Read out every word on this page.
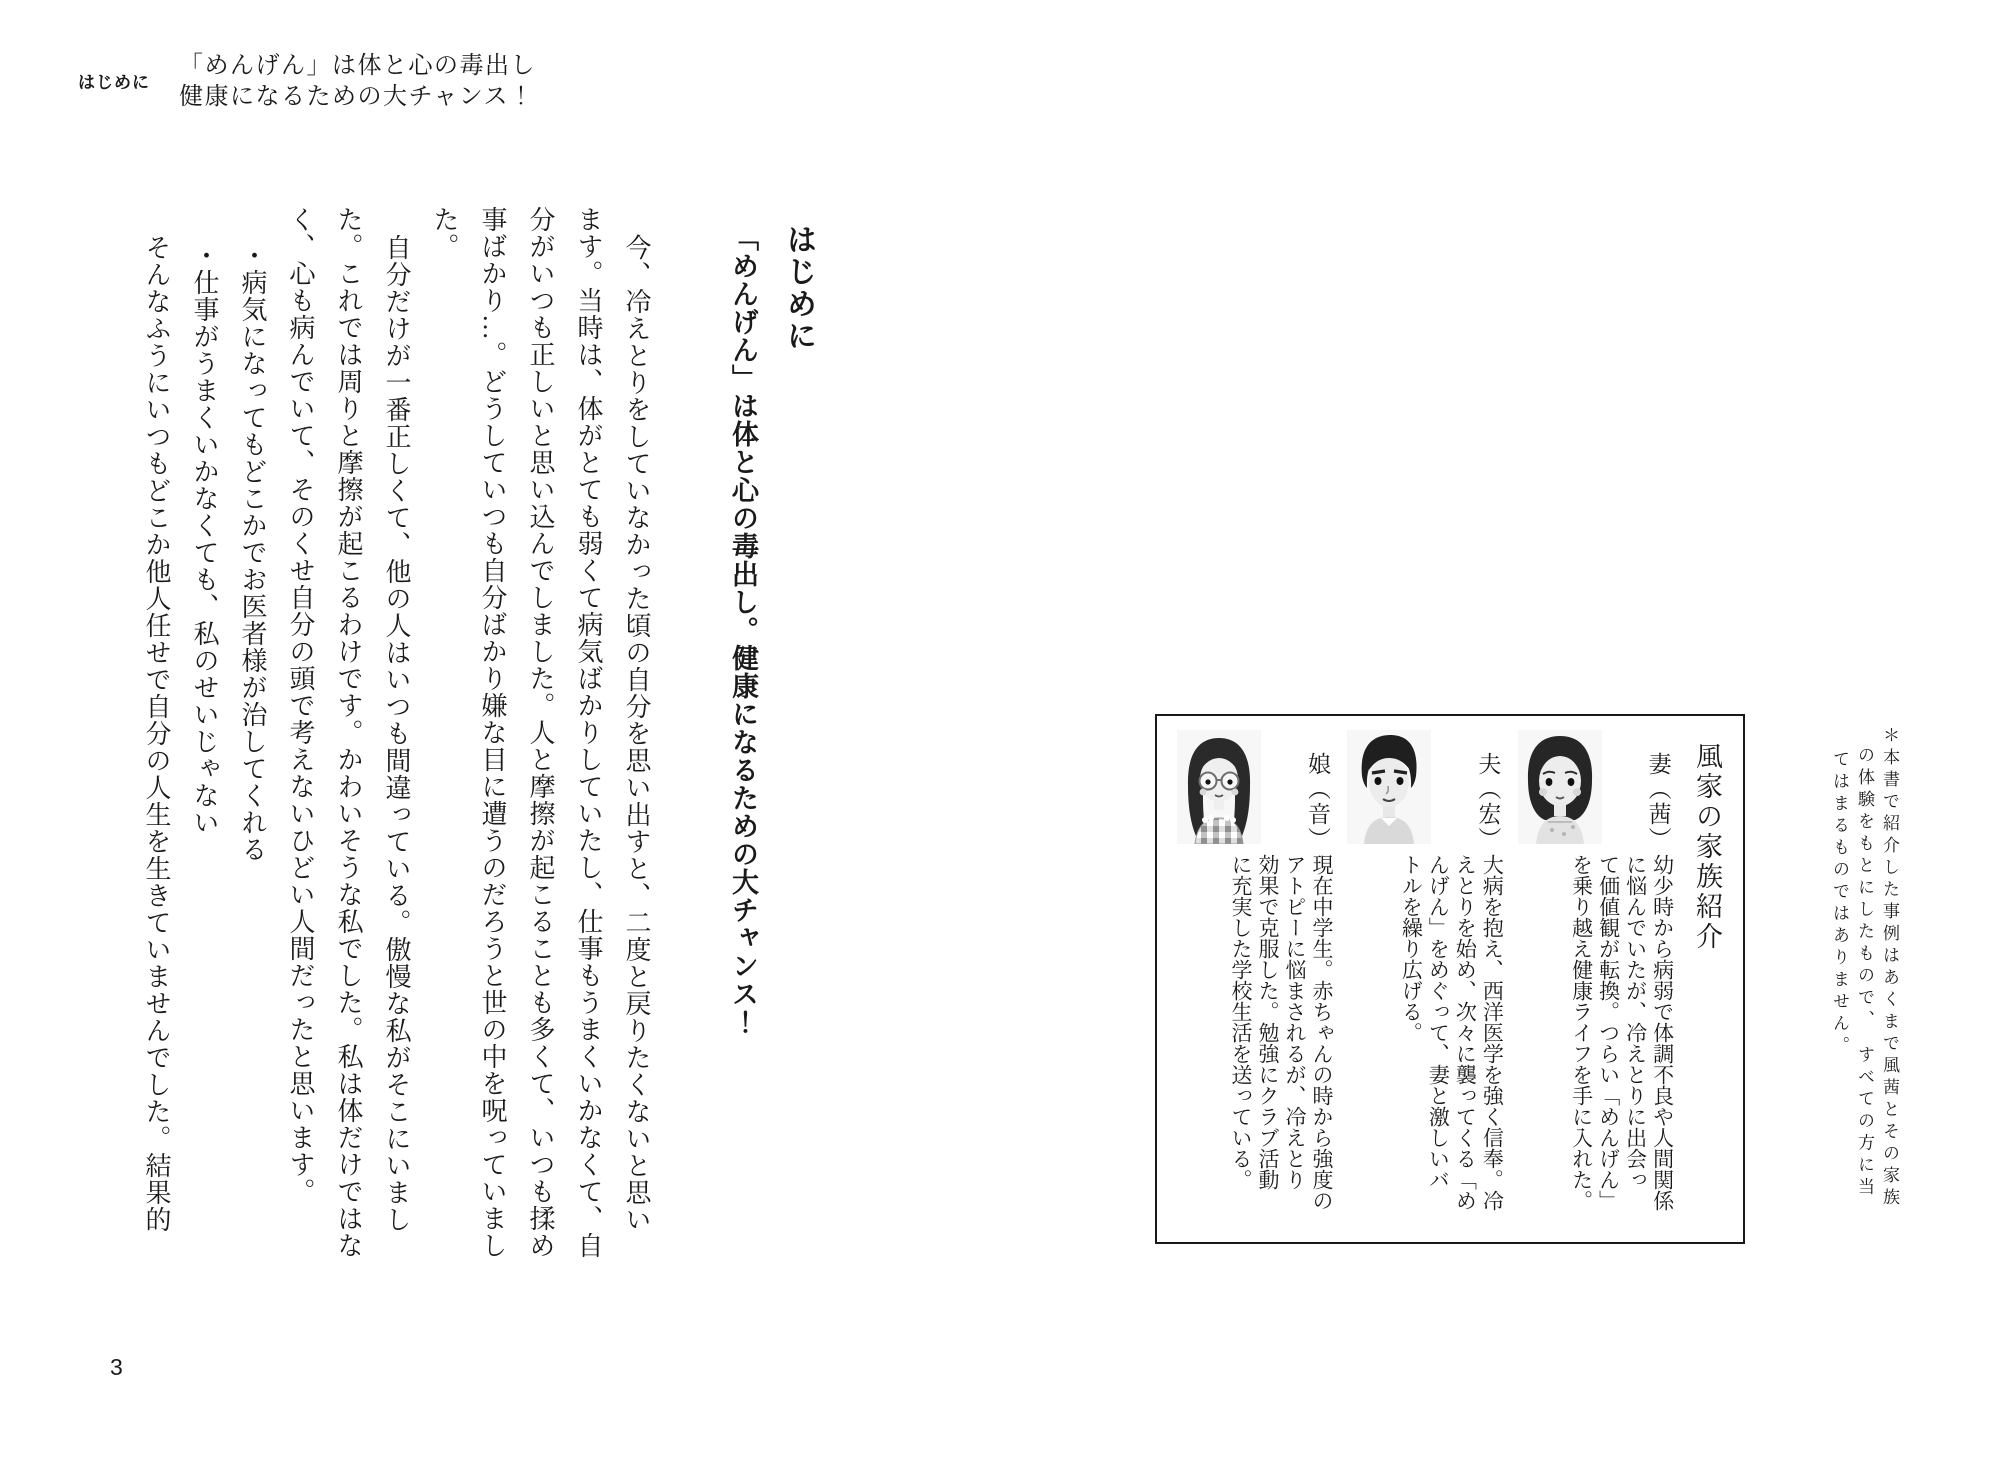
はじめに
「めんげん」は体と心の毒出し
健康になるための大チャンス！
はじめに
「めんげん」は体と心の毒出し。健康になるための大チャンス！
今、冷えとりをしていなかった頃の自分を思い出すと、二度と戻りたくないと思い
ます。当時は、体がとても弱くて病気ばかりしていたし、仕事もうまくいかなくて、自
分がいつも正しいと思い込んでしました。人と摩擦が起こることも多くて、いつも揉め
事ばかり…。どうしていつも自分ばかり嫌な目に遭うのだろうと世の中を呪っていまし
た。
自分だけが一番正しくて、他の人はいつも間違っている。傲慢な私がそこにいまし
た。これでは周りと摩擦が起こるわけです。かわいそうな私でした。私は体だけではな
く、心も病んでいて、そのくせ自分の頭で考えないひどい人間だったと思います。
・病気になってもどこかでお医者様が治してくれる
・仕事がうまくいかなくても、私のせいじゃない
そんなふうにいつもどこか他人任せで自分の人生を生きていませんでした。結果的
3
＊本書で紹介した事例はあくまで風茜とその家族
の体験をもとにしたもので、　すべての方に当
てはまるものではありません。
風家の家族紹介
妻（茜）
幼少時から病弱で体調不良や人間関係
に悩んでいたが、冷えとりに出会っ
て価値観が転換。つらい「めんげん」
を乗り越え健康ライフを手に入れた。
夫（宏）
大病を抱え、西洋医学を強く信奉。冷
えとりを始め、次々に襲ってくる「め
んげん」をめぐって、妻と激しいバ
トルを繰り広げる。
娘（音）
現在中学生。赤ちゃんの時から強度の
アトピーに悩まされるが、冷えとり
効果で克服した。勉強にクラブ活動
に充実した学校生活を送っている。
